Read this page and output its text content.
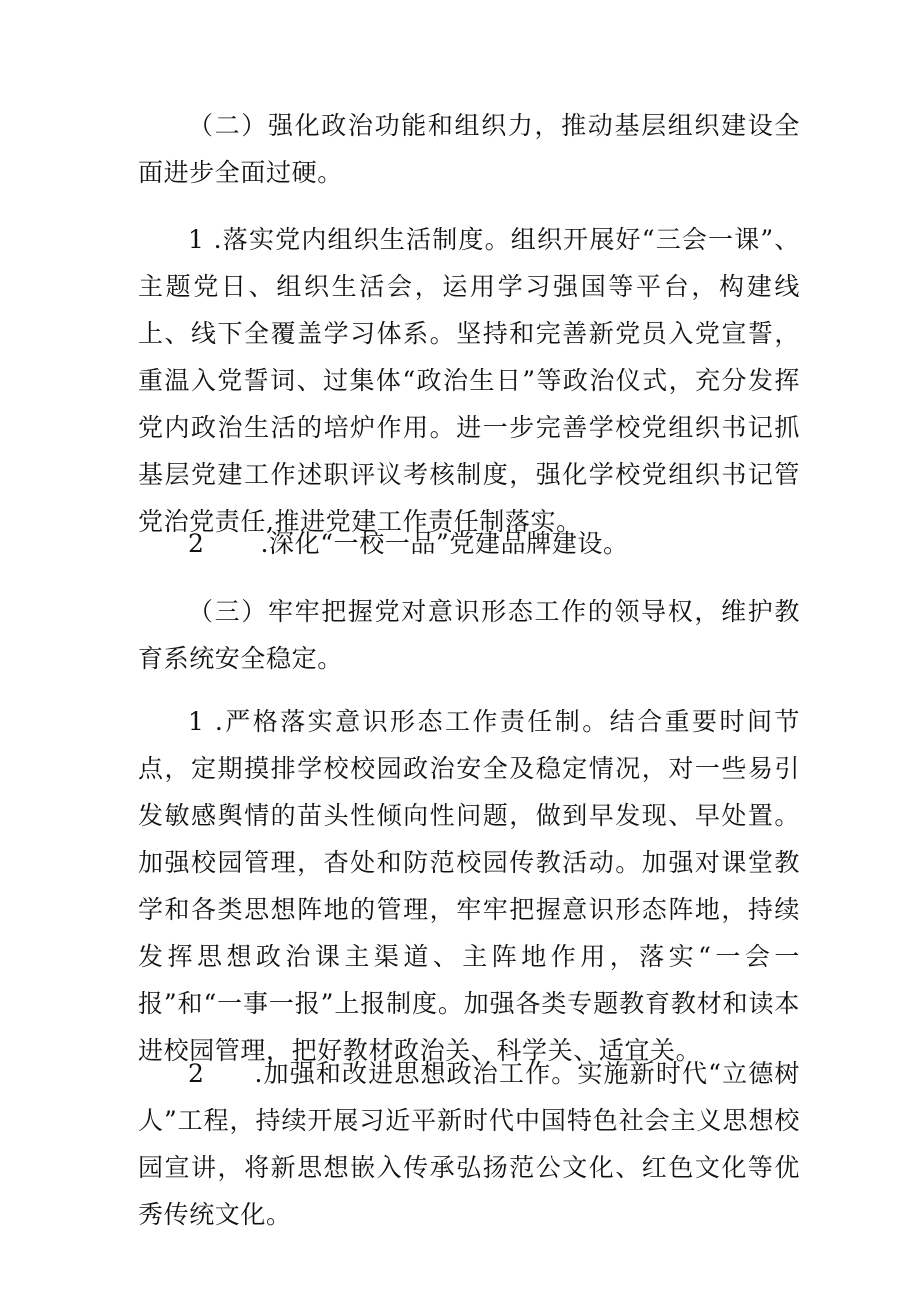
（二）强化政治功能和组织力，推动基层组织建设全面进步全面过硬。

1 .落实党内组织生活制度。组织开展好“三会一课”、主题党日、组织生活会，运用学习强国等平台，构建线上、线下全覆盖学习体系。坚持和完善新党员入党宣誓，重温入党誓词、过集体“政治生日”等政治仪式，充分发挥党内政治生活的培炉作用。进一步完善学校党组织书记抓基层党建工作述职评议考核制度，强化学校党组织书记管党治党责任,推进党建工作责任制落实。

2 .深化“一校一品”党建品牌建设。

（三）牢牢把握党对意识形态工作的领导权，维护教育系统安全稳定。

1 .严格落实意识形态工作责任制。结合重要时间节点，定期摸排学校校园政治安全及稳定情况，对一些易引发敏感舆情的苗头性倾向性问题，做到早发现、早处置。加强校园管理，杳处和防范校园传教活动。加强对课堂教学和各类思想阵地的管理，牢牢把握意识形态阵地，持续发挥思想政治课主渠道、主阵地作用，落实“一会一报”和“一事一报”上报制度。加强各类专题教育教材和读本进校园管理，把好教材政治关、科学关、适宜关。

2 .加强和改进思想政治工作。实施新时代“立德树人”工程，持续开展习近平新时代中国特色社会主义思想校园宣讲，将新思想嵌入传承弘扬范公文化、红色文化等优秀传统文化。
